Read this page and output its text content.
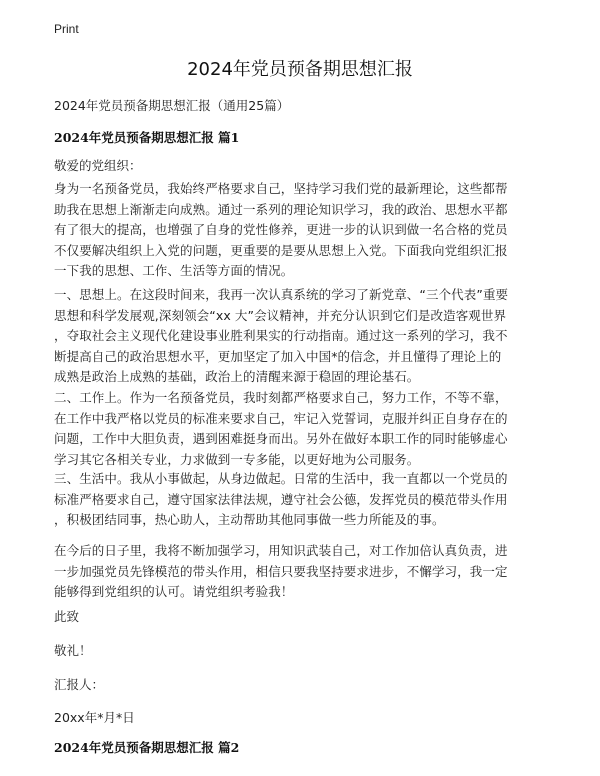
Print
2024年党员预备期思想汇报

2024年党员预备期思想汇报（通用25篇）

2024年党员预备期思想汇报 篇1

敬爱的党组织：

身为一名预备党员，我始终严格要求自己，坚持学习我们党的最新理论，这些都帮
助我在思想上渐渐走向成熟。通过一系列的理论知识学习，我的政治、思想水平都
有了很大的提高，也增强了自身的党性修养，更进一步的认识到做一名合格的党员
不仅要解决组织上入党的问题，更重要的是要从思想上入党。下面我向党组织汇报
一下我的思想、工作、生活等方面的情况。
一、思想上。在这段时间来，我再一次认真系统的学习了新党章、“三个代表”重要
思想和科学发展观,深刻领会“xx 大”会议精神，并充分认识到它们是改造客观世界
，夺取社会主义现代化建设事业胜利果实的行动指南。通过这一系列的学习，我不
断提高自己的政治思想水平，更加坚定了加入中国*的信念，并且懂得了理论上的
成熟是政治上成熟的基础，政治上的清醒来源于稳固的理论基石。
二、工作上。作为一名预备党员，我时刻都严格要求自己，努力工作，不等不靠，
在工作中我严格以党员的标准来要求自己，牢记入党誓词，克服并纠正自身存在的
问题，工作中大胆负责，遇到困难挺身而出。另外在做好本职工作的同时能够虚心
学习其它各相关专业，力求做到一专多能，以更好地为公司服务。
三、生活中。我从小事做起，从身边做起。日常的生活中，我一直都以一个党员的
标准严格要求自己，遵守国家法律法规，遵守社会公德，发挥党员的模范带头作用
，积极团结同事，热心助人，主动帮助其他同事做一些力所能及的事。
在今后的日子里，我将不断加强学习，用知识武装自己，对工作加倍认真负责，进
一步加强党员先锋模范的带头作用，相信只要我坚持要求进步，不懈学习，我一定
能够得到党组织的认可。请党组织考验我！

此致

敬礼！

汇报人：

20xx年*月*日

2024年党员预备期思想汇报 篇2
